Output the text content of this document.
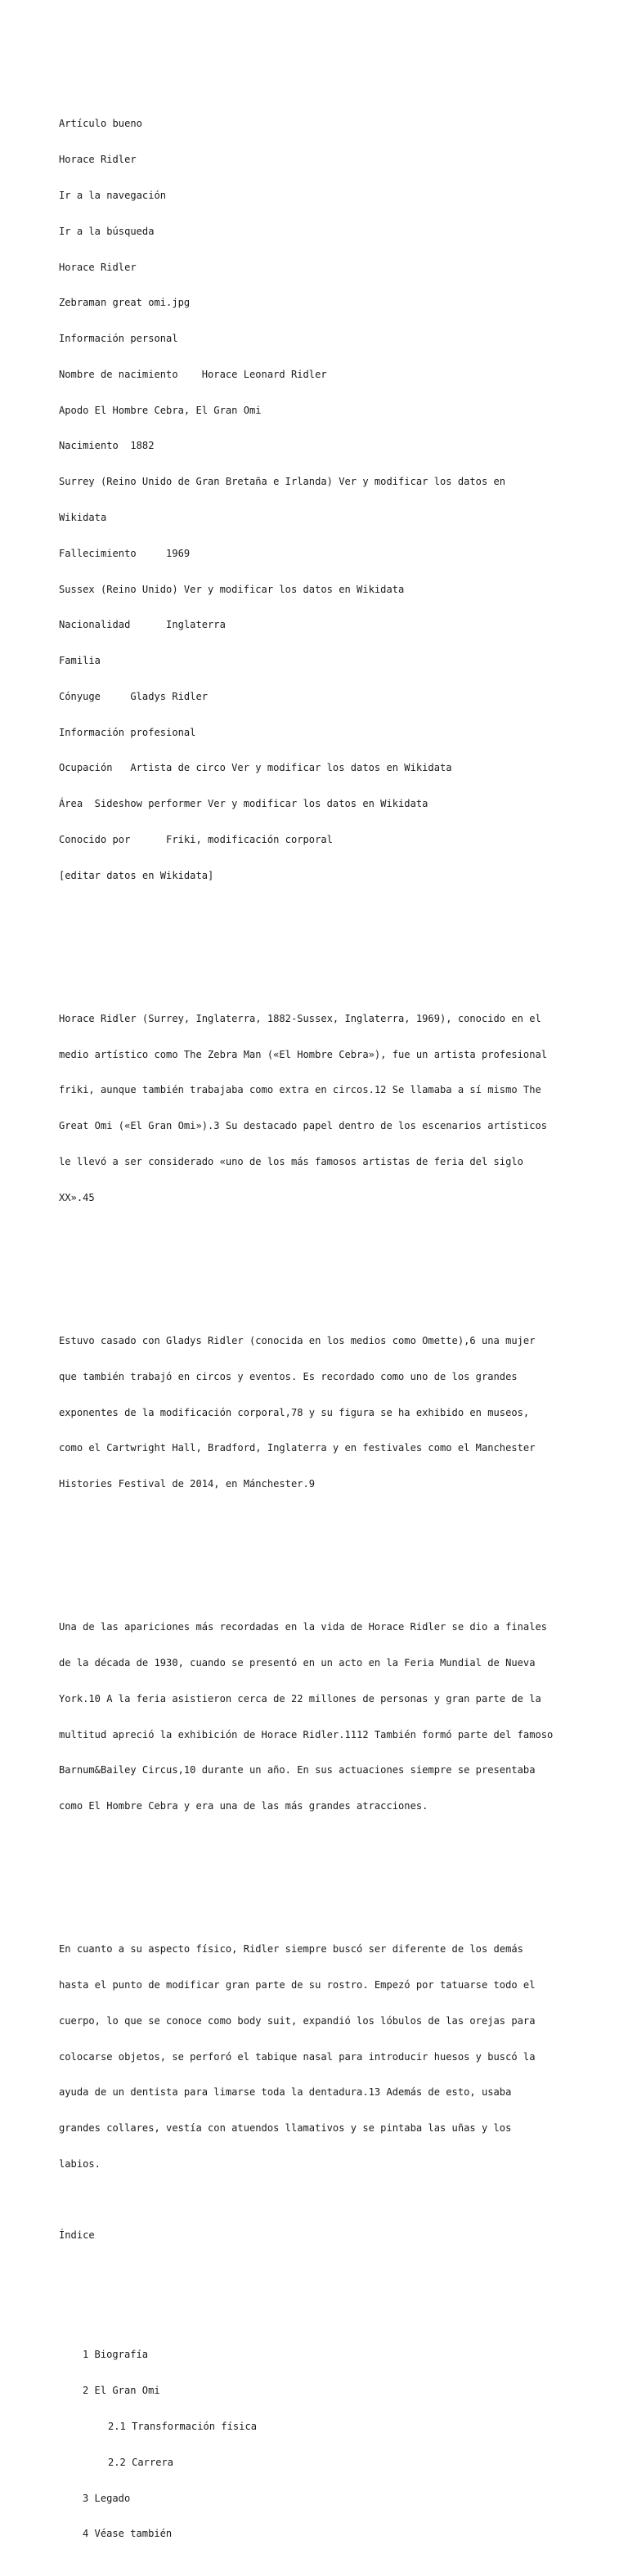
Artículo bueno

Horace Ridler

Ir a la navegación

Ir a la búsqueda

Horace Ridler

Zebraman great omi.jpg

Información personal

Nombre de nacimiento    Horace Leonard Ridler

Apodo El Hombre Cebra, El Gran Omi

Nacimiento  1882

Surrey (Reino Unido de Gran Bretaña e Irlanda) Ver y modificar los datos en

Wikidata

Fallecimiento     1969

Sussex (Reino Unido) Ver y modificar los datos en Wikidata

Nacionalidad      Inglaterra

Familia

Cónyuge     Gladys Ridler

Información profesional

Ocupación   Artista de circo Ver y modificar los datos en Wikidata

Área  Sideshow performer Ver y modificar los datos en Wikidata

Conocido por      Friki, modificación corporal

[editar datos en Wikidata]

Horace Ridler (Surrey, Inglaterra, 1882-Sussex, Inglaterra, 1969), conocido en el

medio artístico como The Zebra Man («El Hombre Cebra»), fue un artista profesional

friki, aunque también trabajaba como extra en circos.12 Se llamaba a sí mismo The

Great Omi («El Gran Omi»).3 Su destacado papel dentro de los escenarios artísticos

le llevó a ser considerado «uno de los más famosos artistas de feria del siglo

XX».45

Estuvo casado con Gladys Ridler (conocida en los medios como Omette),6 una mujer

que también trabajó en circos y eventos. Es recordado como uno de los grandes

exponentes de la modificación corporal,78 y su figura se ha exhibido en museos,

como el Cartwright Hall, Bradford, Inglaterra y en festivales como el Manchester

Histories Festival de 2014, en Mánchester.9

Una de las apariciones más recordadas en la vida de Horace Ridler se dio a finales

de la década de 1930, cuando se presentó en un acto en la Feria Mundial de Nueva

York.10 A la feria asistieron cerca de 22 millones de personas y gran parte de la

multitud apreció la exhibición de Horace Ridler.1112 También formó parte del famoso

Barnum&Bailey Circus,10 durante un año. En sus actuaciones siempre se presentaba

como El Hombre Cebra y era una de las más grandes atracciones.

En cuanto a su aspecto físico, Ridler siempre buscó ser diferente de los demás

hasta el punto de modificar gran parte de su rostro. Empezó por tatuarse todo el

cuerpo, lo que se conoce como body suit, expandió los lóbulos de las orejas para

colocarse objetos, se perforó el tabique nasal para introducir huesos y buscó la

ayuda de un dentista para limarse toda la dentadura.13 Además de esto, usaba

grandes collares, vestía con atuendos llamativos y se pintaba las uñas y los

labios.

Índice

1 Biografía

2 El Gran Omi

2.1 Transformación física

2.2 Carrera

3 Legado

4 Véase también
